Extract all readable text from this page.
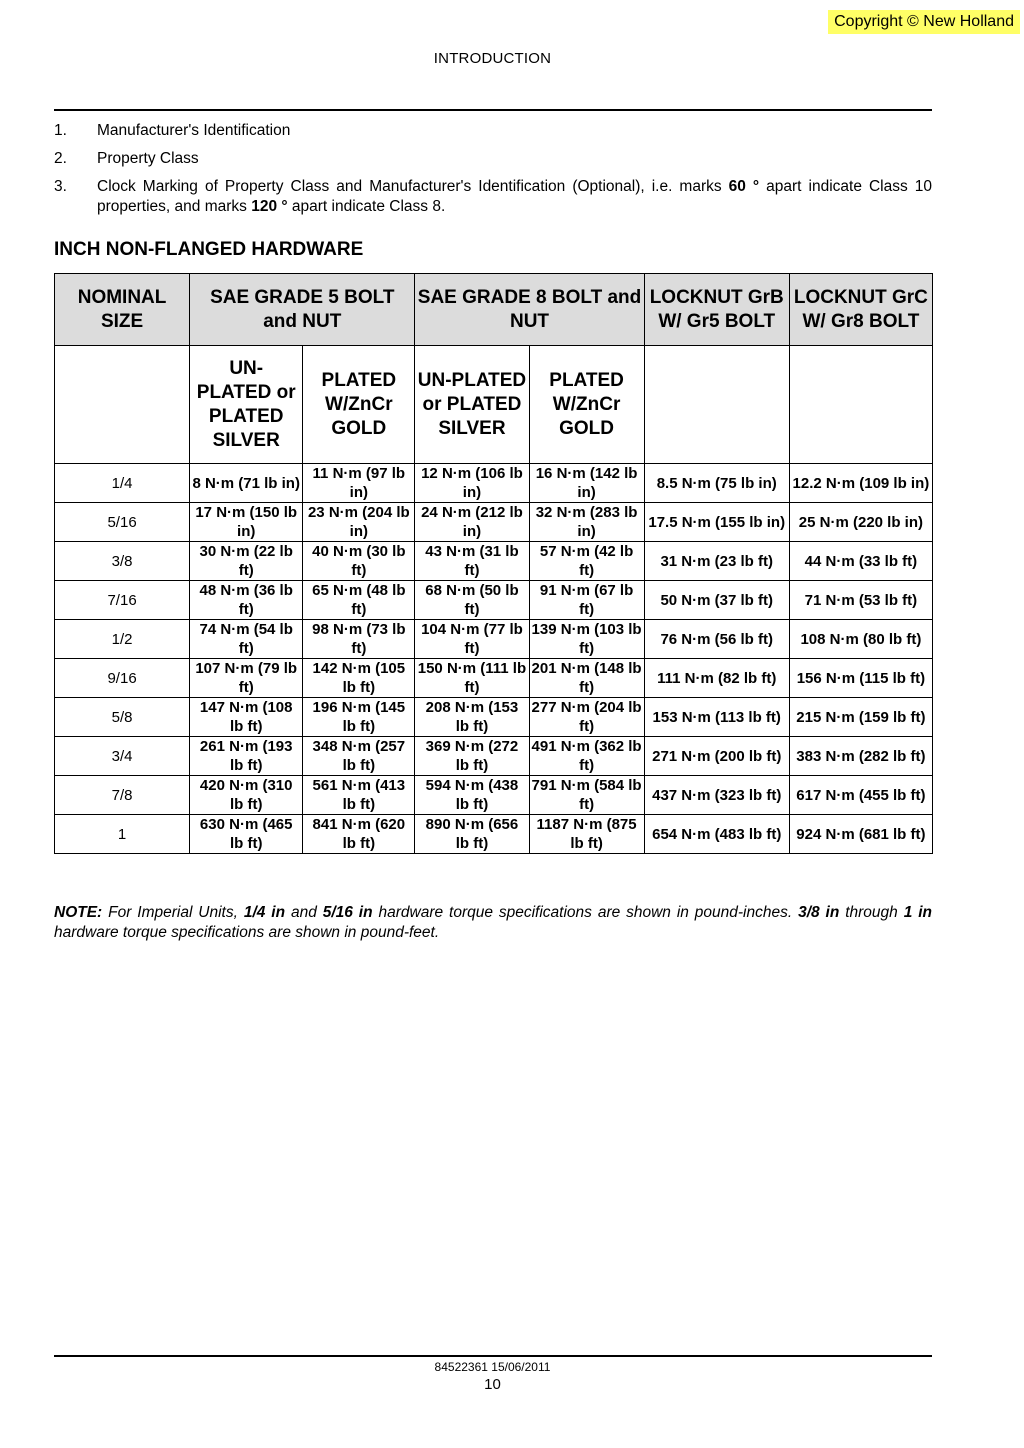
Copyright © New Holland
INTRODUCTION
1. Manufacturer's Identification
2. Property Class
3. Clock Marking of Property Class and Manufacturer's Identification (Optional), i.e. marks 60 ° apart indicate Class 10 properties, and marks 120 ° apart indicate Class 8.
INCH NON-FLANGED HARDWARE
NOMINAL SIZE	SAE GRADE 5 BOLT and NUT		SAE GRADE 8 BOLT and NUT		LOCKNUT GrB W/ Gr5 BOLT	LOCKNUT GrC W/ Gr8 BOLT
	UN-PLATED or PLATED SILVER	PLATED W/ZnCr GOLD	UN-PLATED or PLATED SILVER	PLATED W/ZnCr GOLD		
1/4	8 N·m (71 lb in)	11 N·m (97 lb in)	12 N·m (106 lb in)	16 N·m (142 lb in)	8.5 N·m (75 lb in)	12.2 N·m (109 lb in)
5/16	17 N·m (150 lb in)	23 N·m (204 lb in)	24 N·m (212 lb in)	32 N·m (283 lb in)	17.5 N·m (155 lb in)	25 N·m (220 lb in)
3/8	30 N·m (22 lb ft)	40 N·m (30 lb ft)	43 N·m (31 lb ft)	57 N·m (42 lb ft)	31 N·m (23 lb ft)	44 N·m (33 lb ft)
7/16	48 N·m (36 lb ft)	65 N·m (48 lb ft)	68 N·m (50 lb ft)	91 N·m (67 lb ft)	50 N·m (37 lb ft)	71 N·m (53 lb ft)
1/2	74 N·m (54 lb ft)	98 N·m (73 lb ft)	104 N·m (77 lb ft)	139 N·m (103 lb ft)	76 N·m (56 lb ft)	108 N·m (80 lb ft)
9/16	107 N·m (79 lb ft)	142 N·m (105 lb ft)	150 N·m (111 lb ft)	201 N·m (148 lb ft)	111 N·m (82 lb ft)	156 N·m (115 lb ft)
5/8	147 N·m (108 lb ft)	196 N·m (145 lb ft)	208 N·m (153 lb ft)	277 N·m (204 lb ft)	153 N·m (113 lb ft)	215 N·m (159 lb ft)
3/4	261 N·m (193 lb ft)	348 N·m (257 lb ft)	369 N·m (272 lb ft)	491 N·m (362 lb ft)	271 N·m (200 lb ft)	383 N·m (282 lb ft)
7/8	420 N·m (310 lb ft)	561 N·m (413 lb ft)	594 N·m (438 lb ft)	791 N·m (584 lb ft)	437 N·m (323 lb ft)	617 N·m (455 lb ft)
1	630 N·m (465 lb ft)	841 N·m (620 lb ft)	890 N·m (656 lb ft)	1187 N·m (875 lb ft)	654 N·m (483 lb ft)	924 N·m (681 lb ft)
NOTE: For Imperial Units, 1/4 in and 5/16 in hardware torque specifications are shown in pound-inches. 3/8 in through 1 in hardware torque specifications are shown in pound-feet.
84522361 15/06/2011
10
